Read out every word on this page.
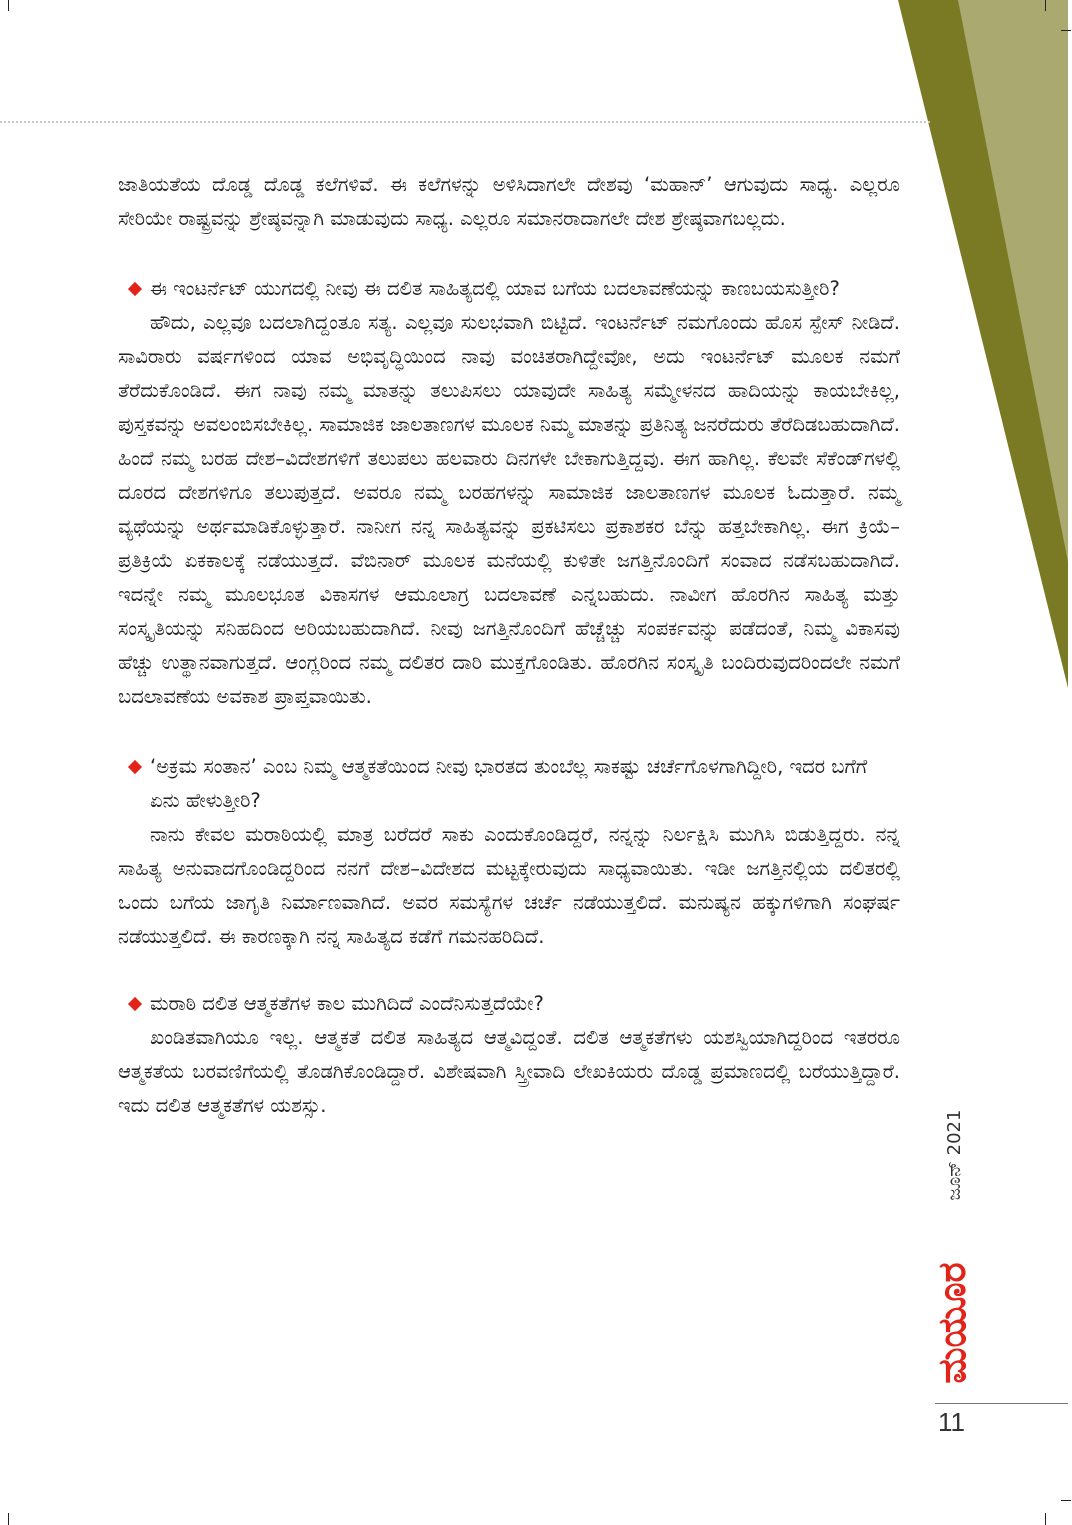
ಜಾತಿಯತೆಯ ದೊಡ್ಡ ದೊಡ್ಡ ಕಲೆಗಳಿವೆ. ಈ ಕಲೆಗಳನ್ನು ಅಳಿಸಿದಾಗಲೇ ದೇಶವು ‘ಮಹಾನ್’ ಆಗುವುದು ಸಾಧ್ಯ. ಎಲ್ಲರೂ ಸೇರಿಯೇ ರಾಷ್ಟ್ರವನ್ನು ಶ್ರೇಷ್ಠವನ್ನಾಗಿ ಮಾಡುವುದು ಸಾಧ್ಯ. ಎಲ್ಲರೂ ಸಮಾನರಾದಾಗಲೇ ದೇಶ ಶ್ರೇಷ್ಠವಾಗಬಲ್ಲದು.

ಈ ಇಂಟರ್ನೆಟ್ ಯುಗದಲ್ಲಿ ನೀವು ಈ ದಲಿತ ಸಾಹಿತ್ಯದಲ್ಲಿ ಯಾವ ಬಗೆಯ ಬದಲಾವಣೆಯನ್ನು ಕಾಣಬಯಸುತ್ತೀರಿ?

ಹೌದು, ಎಲ್ಲವೂ ಬದಲಾಗಿದ್ದಂತೂ ಸತ್ಯ. ಎಲ್ಲವೂ ಸುಲಭವಾಗಿ ಬಿಟ್ಟಿದೆ. ಇಂಟರ್ನೆಟ್ ನಮಗೊಂದು ಹೊಸ ಸ್ಪೇಸ್ ನೀಡಿದೆ. ಸಾವಿರಾರು ವರ್ಷಗಳಿಂದ ಯಾವ ಅಭಿವೃದ್ಧಿಯಿಂದ ನಾವು ವಂಚಿತರಾಗಿದ್ದೇವೋ, ಅದು ಇಂಟರ್ನೆಟ್ ಮೂಲಕ ನಮಗೆ ತೆರೆದುಕೊಂಡಿದೆ. ಈಗ ನಾವು ನಮ್ಮ ಮಾತನ್ನು ತಲುಪಿಸಲು ಯಾವುದೇ ಸಾಹಿತ್ಯ ಸಮ್ಮೇಳನದ ಹಾದಿಯನ್ನು ಕಾಯಬೇಕಿಲ್ಲ, ಪುಸ್ತಕವನ್ನು ಅವಲಂಬಿಸಬೇಕಿಲ್ಲ. ಸಾಮಾಜಿಕ ಜಾಲತಾಣಗಳ ಮೂಲಕ ನಿಮ್ಮ ಮಾತನ್ನು ಪ್ರತಿನಿತ್ಯ ಜನರೆದುರು ತೆರೆದಿಡಬಹುದಾಗಿದೆ. ಹಿಂದೆ ನಮ್ಮ ಬರಹ ದೇಶ–ವಿದೇಶಗಳಿಗೆ ತಲುಪಲು ಹಲವಾರು ದಿನಗಳೇ ಬೇಕಾಗುತ್ತಿದ್ದವು. ಈಗ ಹಾಗಿಲ್ಲ. ಕೆಲವೇ ಸೆಕೆಂಡ್‌ಗಳಲ್ಲಿ ದೂರದ ದೇಶಗಳಿಗೂ ತಲುಪುತ್ತದೆ. ಅವರೂ ನಮ್ಮ ಬರಹಗಳನ್ನು ಸಾಮಾಜಿಕ ಜಾಲತಾಣಗಳ ಮೂಲಕ ಓದುತ್ತಾರೆ. ನಮ್ಮ ವ್ಯಥೆಯನ್ನು ಅರ್ಥಮಾಡಿಕೊಳ್ಳುತ್ತಾರೆ. ನಾನೀಗ ನನ್ನ ಸಾಹಿತ್ಯವನ್ನು ಪ್ರಕಟಿಸಲು ಪ್ರಕಾಶಕರ ಬೆನ್ನು ಹತ್ತಬೇಕಾಗಿಲ್ಲ. ಈಗ ಕ್ರಿಯೆ–ಪ್ರತಿಕ್ರಿಯೆ ಏಕಕಾಲಕ್ಕೆ ನಡೆಯುತ್ತದೆ. ವೆಬಿನಾರ್ ಮೂಲಕ ಮನೆಯಲ್ಲಿ ಕುಳಿತೇ ಜಗತ್ತಿನೊಂದಿಗೆ ಸಂವಾದ ನಡೆಸಬಹುದಾಗಿದೆ. ಇದನ್ನೇ ನಮ್ಮ ಮೂಲಭೂತ ವಿಕಾಸಗಳ ಆಮೂಲಾಗ್ರ ಬದಲಾವಣೆ ಎನ್ನಬಹುದು. ನಾವೀಗ ಹೊರಗಿನ ಸಾಹಿತ್ಯ ಮತ್ತು ಸಂಸ್ಕೃತಿಯನ್ನು ಸನಿಹದಿಂದ ಅರಿಯಬಹುದಾಗಿದೆ. ನೀವು ಜಗತ್ತಿನೊಂದಿಗೆ ಹೆಚ್ಚೆಚ್ಚು ಸಂಪರ್ಕವನ್ನು ಪಡೆದಂತೆ, ನಿಮ್ಮ ವಿಕಾಸವು ಹೆಚ್ಚು ಉತ್ಥಾನವಾಗುತ್ತದೆ. ಆಂಗ್ಲರಿಂದ ನಮ್ಮ ದಲಿತರ ದಾರಿ ಮುಕ್ತಗೊಂಡಿತು. ಹೊರಗಿನ ಸಂಸ್ಕೃತಿ ಬಂದಿರುವುದರಿಂದಲೇ ನಮಗೆ ಬದಲಾವಣೆಯ ಅವಕಾಶ ಪ್ರಾಪ್ತವಾಯಿತು.

‘ಅಕ್ರಮ ಸಂತಾನ’ ಎಂಬ ನಿಮ್ಮ ಆತ್ಮಕತೆಯಿಂದ ನೀವು ಭಾರತದ ತುಂಬೆಲ್ಲ ಸಾಕಷ್ಟು ಚರ್ಚೆಗೊಳಗಾಗಿದ್ದೀರಿ, ಇದರ ಬಗೆಗೆ ಏನು ಹೇಳುತ್ತೀರಿ?

ನಾನು ಕೇವಲ ಮರಾಠಿಯಲ್ಲಿ ಮಾತ್ರ ಬರೆದರೆ ಸಾಕು ಎಂದುಕೊಂಡಿದ್ದರೆ, ನನ್ನನ್ನು ನಿರ್ಲಕ್ಷಿಸಿ ಮುಗಿಸಿ ಬಿಡುತ್ತಿದ್ದರು. ನನ್ನ ಸಾಹಿತ್ಯ ಅನುವಾದಗೊಂಡಿದ್ದರಿಂದ ನನಗೆ ದೇಶ–ವಿದೇಶದ ಮಟ್ಟಕ್ಕೇರುವುದು ಸಾಧ್ಯವಾಯಿತು. ಇಡೀ ಜಗತ್ತಿನಲ್ಲಿಯ ದಲಿತರಲ್ಲಿ ಒಂದು ಬಗೆಯ ಜಾಗೃತಿ ನಿರ್ಮಾಣವಾಗಿದೆ. ಅವರ ಸಮಸ್ಯೆಗಳ ಚರ್ಚೆ ನಡೆಯುತ್ತಲಿದೆ. ಮನುಷ್ಯನ ಹಕ್ಕುಗಳಿಗಾಗಿ ಸಂಘರ್ಷ ನಡೆಯುತ್ತಲಿದೆ. ಈ ಕಾರಣಕ್ಕಾಗಿ ನನ್ನ ಸಾಹಿತ್ಯದ ಕಡೆಗೆ ಗಮನಹರಿದಿದೆ.

ಮರಾಠಿ ದಲಿತ ಆತ್ಮಕತೆಗಳ ಕಾಲ ಮುಗಿದಿದೆ ಎಂದೆನಿಸುತ್ತದೆಯೇ?

ಖಂಡಿತವಾಗಿಯೂ ಇಲ್ಲ. ಆತ್ಮಕತೆ ದಲಿತ ಸಾಹಿತ್ಯದ ಆತ್ಮವಿದ್ದಂತೆ. ದಲಿತ ಆತ್ಮಕತೆಗಳು ಯಶಸ್ವಿಯಾಗಿದ್ದರಿಂದ ಇತರರೂ ಆತ್ಮಕತೆಯ ಬರವಣಿಗೆಯಲ್ಲಿ ತೊಡಗಿಕೊಂಡಿದ್ದಾರೆ. ವಿಶೇಷವಾಗಿ ಸ್ತ್ರೀವಾದಿ ಲೇಖಕಿಯರು ದೊಡ್ಡ ಪ್ರಮಾಣದಲ್ಲಿ ಬರೆಯುತ್ತಿದ್ದಾರೆ. ಇದು ದಲಿತ ಆತ್ಮಕತೆಗಳ ಯಶಸ್ಸು.

ಜೂನ್ 2021
ಮಯೂರ
11
